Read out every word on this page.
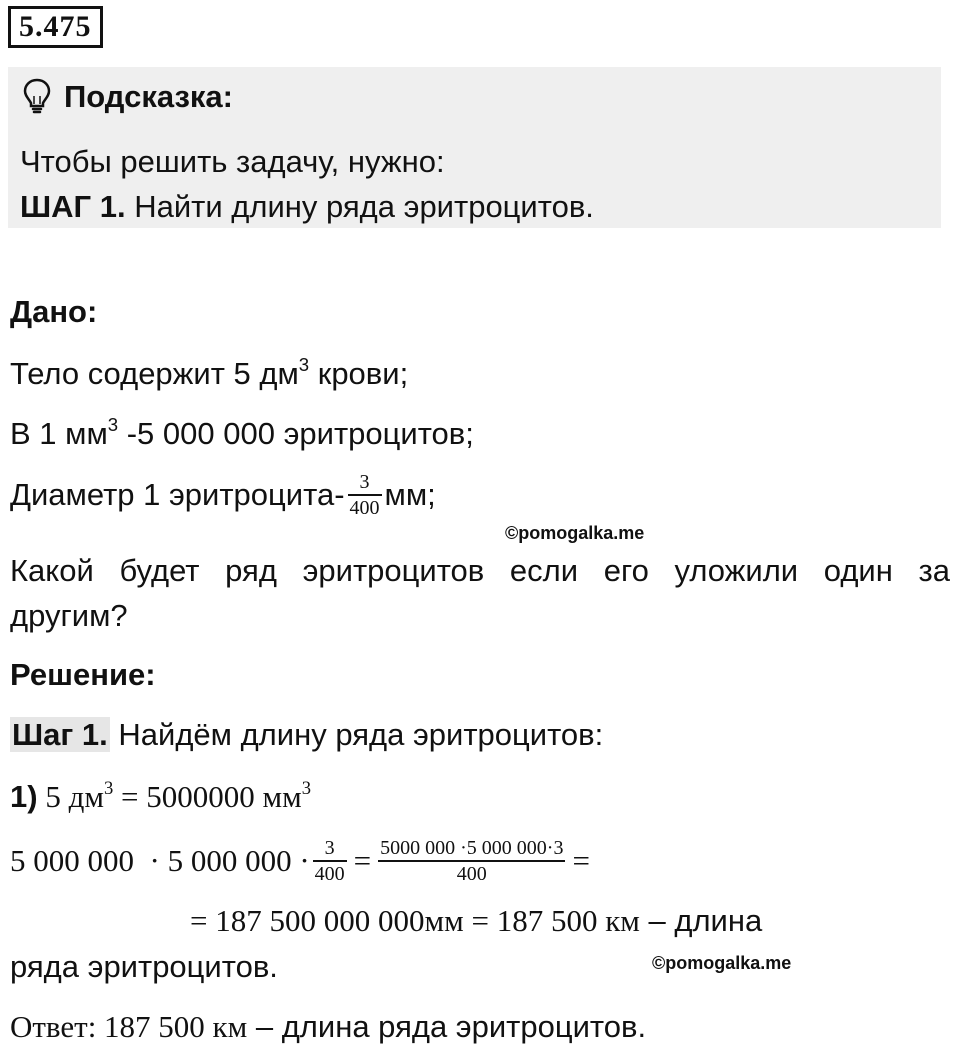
5.475
Подсказка:
Чтобы решить задачу, нужно:
ШАГ 1. Найти длину ряда эритроцитов.
Дано:
Тело содержит 5 $дм^3$ крови;
В 1 $мм^3$ -5 000 000 эритроцитов;
Диаметр 1 эритроцита- $\frac{3}{400}$ мм;
©pomogalka.me
Какой будет ряд эритроцитов если его уложили один за
другим?
Решение:
Шаг 1. Найдём длину ряда эритроцитов:
1) 5 $дм^3 = 5000000$ $мм^3$
5 000 000  · 5 000 $000 \cdot \frac{3}{400} = \frac{5000 000 \cdot 5 000 000\cdot 3}{400}$ =
= 187 500 000 000мм = 187 500 км – длина
ряда эритроцитов.	©pomogalka.me
Ответ: 187 500 км – длина ряда эритроцитов.
